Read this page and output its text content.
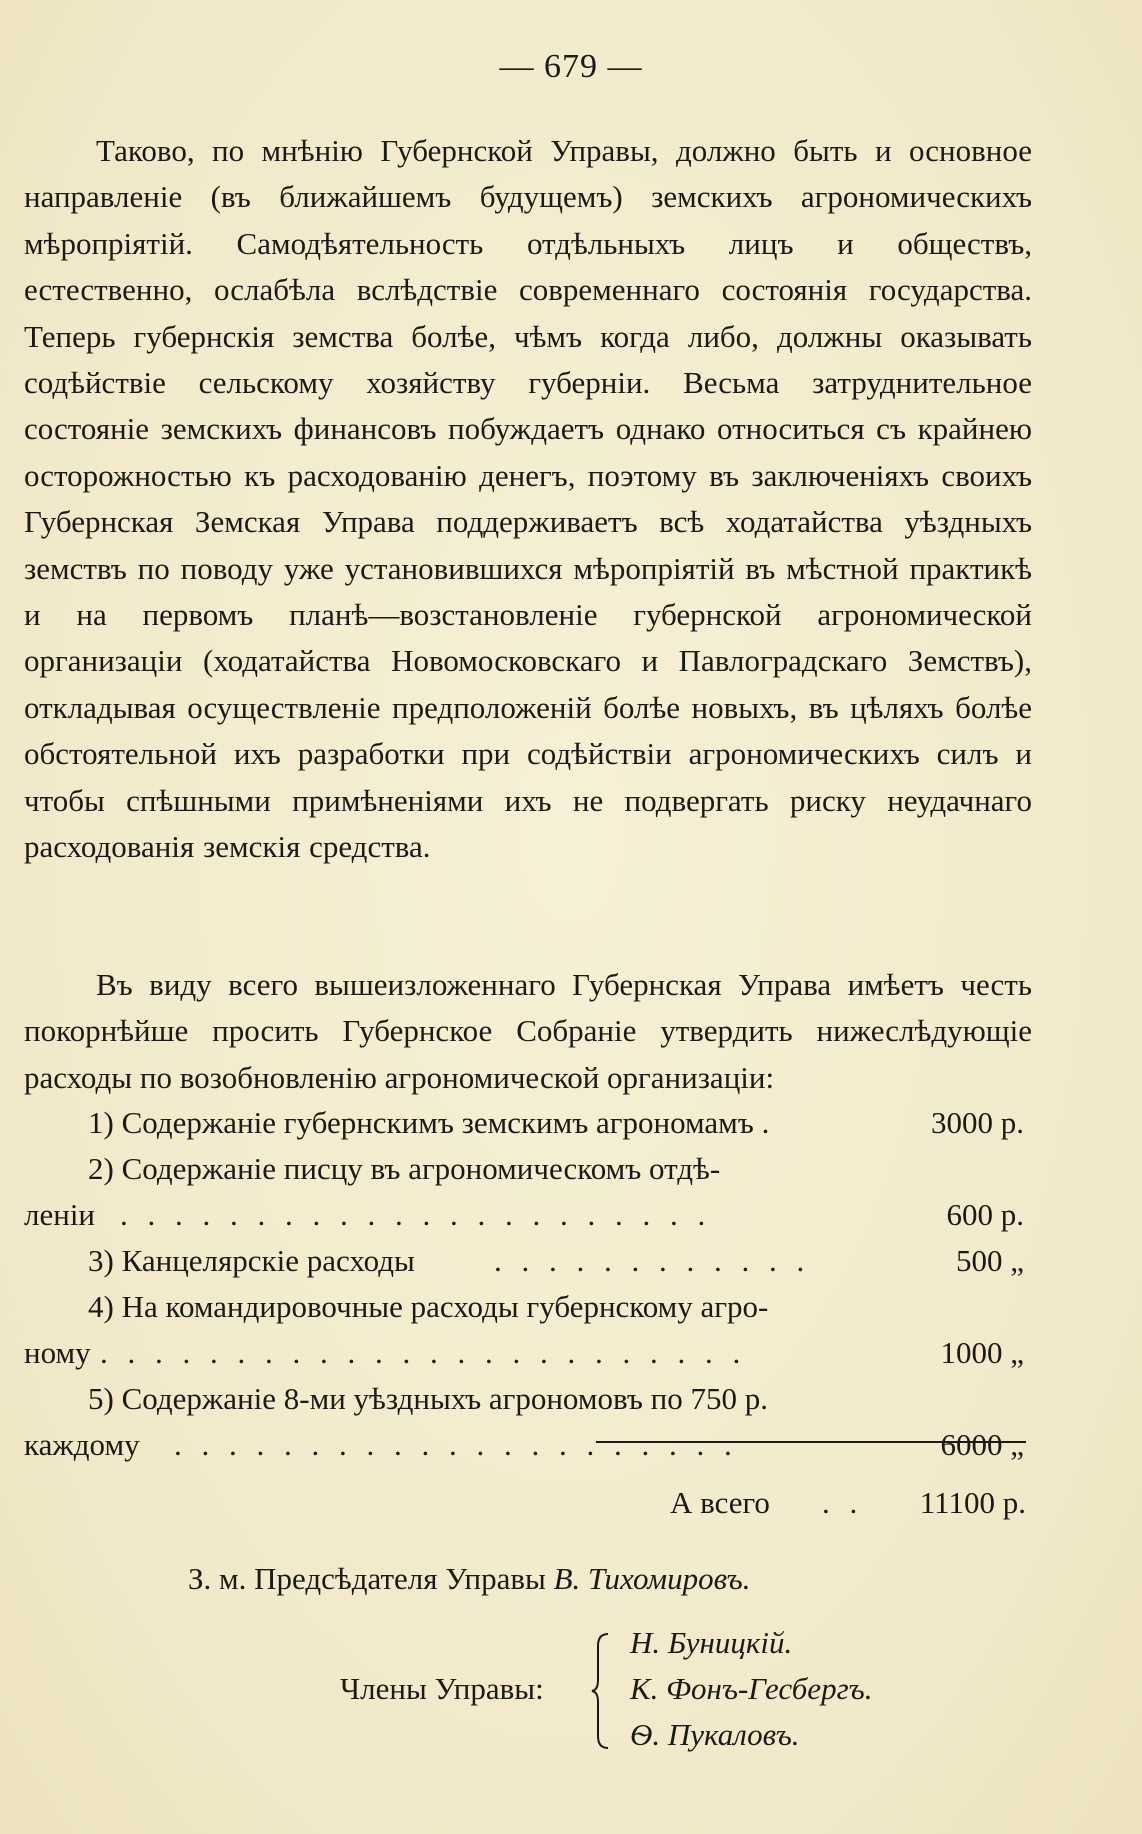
— 679 —
Таково, по мнѣнію Губернской Управы, должно быть и основное направленіе (въ ближайшемъ будущемъ) земскихъ агрономическихъ мѣропріятій. Самодѣятельность отдѣльныхъ лицъ и обществъ, естественно, ослабѣла вслѣдствіе современнаго состоянія государства. Теперь губернскія земства болѣе, чѣмъ когда либо, должны оказывать содѣйствіе сельскому хозяйству губерніи. Весьма затруднительное состояніе земскихъ финансовъ побуждаетъ однако относиться съ крайнею осторожностью къ расходованію денегъ, поэтому въ заключеніяхъ своихъ Губернская Земская Управа поддерживаетъ всѣ ходатайства уѣздныхъ земствъ по поводу уже установившихся мѣропріятій въ мѣстной практикѣ и на первомъ планѣ—возстановленіе губернской агрономической организаціи (ходатайства Новомосковскаго и Павлоградскаго Земствъ), откладывая осуществленіе предположеній болѣе новыхъ, въ цѣляхъ болѣе обстоятельной ихъ разработки при содѣйствіи агрономическихъ силъ и чтобы спѣшными примѣненіями ихъ не подвергать риску неудачнаго расходованія земскія средства.
Въ виду всего вышеизложеннаго Губернская Управа имѣетъ честь покорнѣйше просить Губернское Собраніе утвердить нижеслѣдующіе расходы по возобновленію агрономической организаціи:
1) Содержаніе губернскимъ земскимъ агрономамъ .	3000 р.
2) Содержаніе писцу въ агрономическомъ отдѣ-
леніи . . . . . . . . . . . . . . . . . . . . . .	600 р.
3) Канцелярскіе расходы	. . . . . . . . . . . .	500 „
4) На командировочные расходы губернскому агро-
ному . . . . . . . . . . . . . . . . . . . . . . . .	1000 „
5) Содержаніе 8-ми уѣздныхъ агрономовъ по 750 р.
каждому . . . . . . . . . . . . . . . . . . . . .	6000 „
А всего . . 11100 р.
З. м. Предсѣдателя Управы В. Тихомировъ.
Члены Управы:
Н. Буницкій.
К. Фонъ-Гесбергъ.
Ѳ. Пукаловъ.
